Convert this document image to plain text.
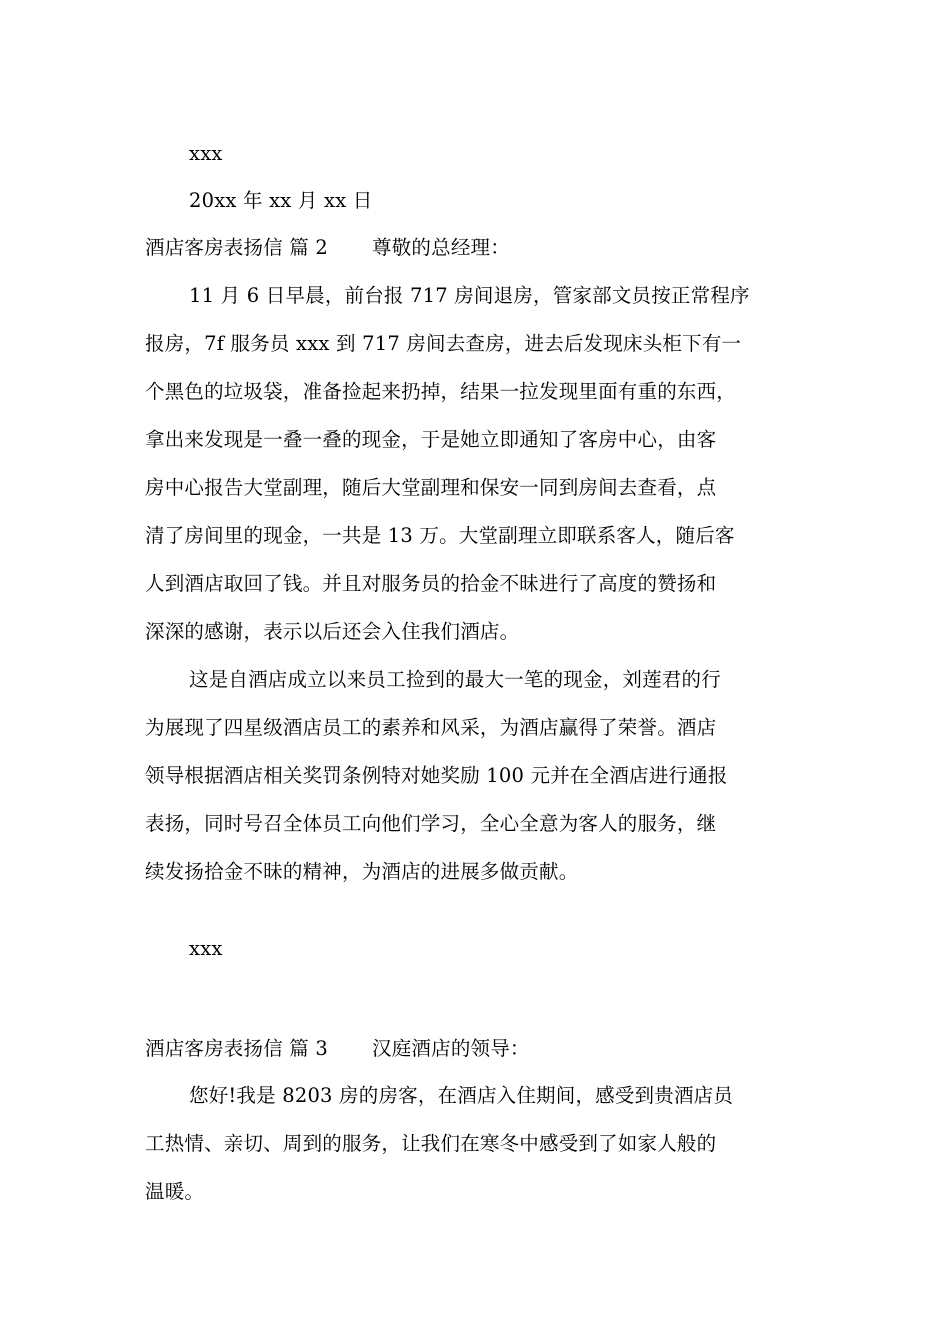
xxx
20xx 年 xx 月 xx 日
酒店客房表扬信 篇 2 尊敬的总经理：
11 月 6 日早晨，前台报 717 房间退房，管家部文员按正常程序
报房，7f 服务员 xxx 到 717 房间去查房，进去后发现床头柜下有一
个黑色的垃圾袋，准备捡起来扔掉，结果一拉发现里面有重的东西，
拿出来发现是一叠一叠的现金，于是她立即通知了客房中心，由客
房中心报告大堂副理，随后大堂副理和保安一同到房间去查看，点
清了房间里的现金，一共是 13 万。大堂副理立即联系客人，随后客
人到酒店取回了钱。并且对服务员的拾金不昧进行了高度的赞扬和
深深的感谢，表示以后还会入住我们酒店。
这是自酒店成立以来员工捡到的最大一笔的现金，刘莲君的行
为展现了四星级酒店员工的素养和风采，为酒店赢得了荣誉。酒店
领导根据酒店相关奖罚条例特对她奖励 100 元并在全酒店进行通报
表扬，同时号召全体员工向他们学习，全心全意为客人的服务，继
续发扬拾金不昧的精神，为酒店的进展多做贡献。
xxx
酒店客房表扬信 篇 3 汉庭酒店的领导：
您好!我是 8203 房的房客，在酒店入住期间，感受到贵酒店员
工热情、亲切、周到的服务，让我们在寒冬中感受到了如家人般的
温暖。
